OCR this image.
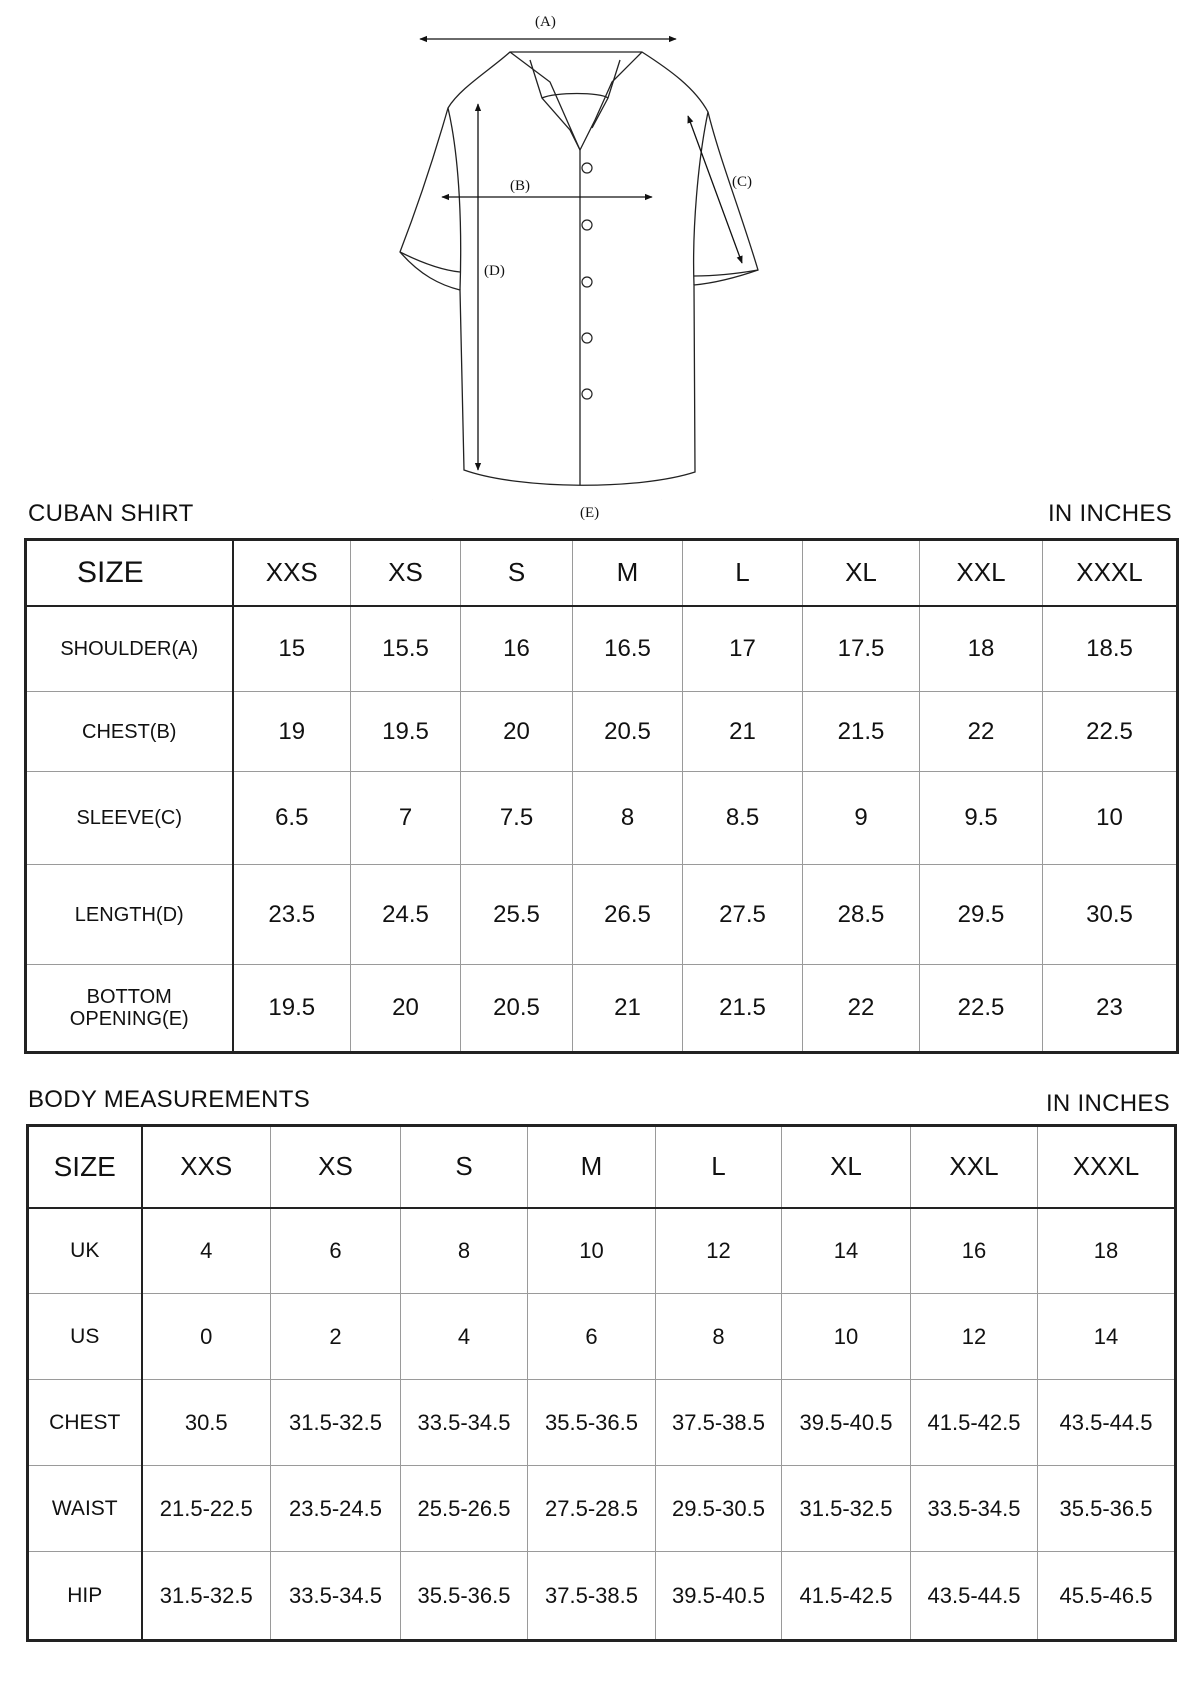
(A)
(B)	(C)
(D)
(E)
CUBAN SHIRT	IN INCHES
SIZE	XXS	XS	S	M	L	XL	XXL	XXXL
SHOULDER(A)	15	15.5	16	16.5	17	17.5	18	18.5
CHEST(B)	19	19.5	20	20.5	21	21.5	22	22.5
SLEEVE(C)	6.5	7	7.5	8	8.5	9	9.5	10
LENGTH(D)	23.5	24.5	25.5	26.5	27.5	28.5	29.5	30.5
BOTTOM
OPENING(E)	19.5	20	20.5	21	21.5	22	22.5	23
BODY MEASUREMENTS	IN INCHES
SIZE	XXS	XS	S	M	L	XL	XXL	XXXL
UK	4	6	8	10	12	14	16	18
US	0	2	4	6	8	10	12	14
CHEST	30.5	31.5-32.5	33.5-34.5	35.5-36.5	37.5-38.5	39.5-40.5	41.5-42.5	43.5-44.5
WAIST	21.5-22.5	23.5-24.5	25.5-26.5	27.5-28.5	29.5-30.5	31.5-32.5	33.5-34.5	35.5-36.5
HIP	31.5-32.5	33.5-34.5	35.5-36.5	37.5-38.5	39.5-40.5	41.5-42.5	43.5-44.5	45.5-46.5
